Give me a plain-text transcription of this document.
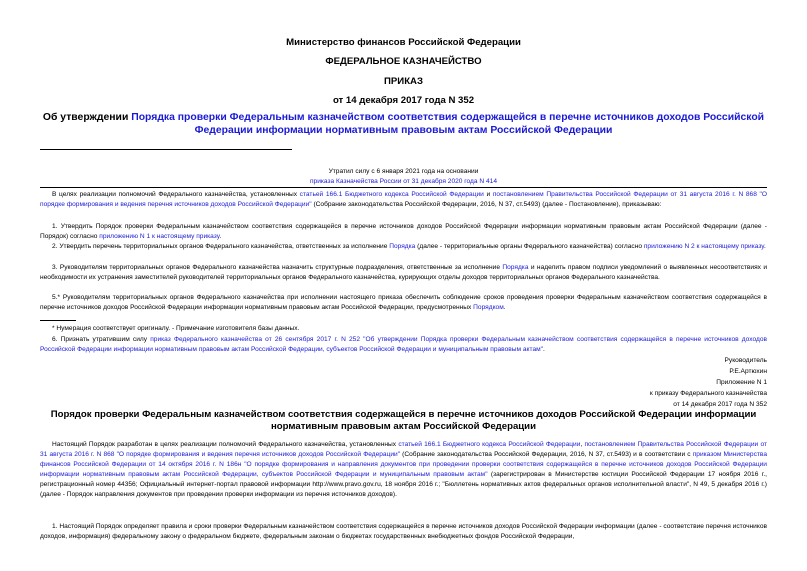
Министерство финансов Российской Федерации
ФЕДЕРАЛЬНОЕ КАЗНАЧЕЙСТВО
ПРИКАЗ
от 14 декабря 2017 года N 352
Об утверждении Порядка проверки Федеральным казначейством соответствия содержащейся в перечне источников доходов Российской Федерации информации нормативным правовым актам Российской Федерации
Утратил силу с 6 января 2021 года на основании
приказа Казначейства России от 31 декабря 2020 года N 414
В целях реализации полномочий Федерального казначейства, установленных статьей 166.1 Бюджетного кодекса Российской Федерации и постановлением Правительства Российской Федерации от 31 августа 2016 г. N 868 "О порядке формирования и ведения перечня источников доходов Российской Федерации" (Собрание законодательства Российской Федерации, 2016, N 37, ст.5493) (далее - Постановление), приказываю:
1. Утвердить Порядок проверки Федеральным казначейством соответствия содержащейся в перечне источников доходов Российской Федерации информации нормативным правовым актам Российской Федерации (далее - Порядок) согласно приложению N 1 к настоящему приказу.
2. Утвердить перечень территориальных органов Федерального казначейства, ответственных за исполнение Порядка (далее - территориальные органы Федерального казначейства) согласно приложению N 2 к настоящему приказу.
3. Руководителям территориальных органов Федерального казначейства назначить структурные подразделения, ответственные за исполнение Порядка и наделить правом подписи уведомлений о выявленных несоответствиях и необходимости их устранения заместителей руководителей территориальных органов Федерального казначейства, курирующих отделы доходов территориальных органов Федерального казначейства.
5.* Руководителям территориальных органов Федерального казначейства при исполнении настоящего приказа обеспечить соблюдение сроков проведения проверки Федеральным казначейством соответствия содержащейся в перечне источников доходов Российской Федерации информации нормативным правовым актам Российской Федерации, предусмотренных Порядком.
* Нумерация соответствует оригиналу. - Примечание изготовителя базы данных.
6. Признать утратившим силу приказ Федерального казначейства от 26 сентября 2017 г. N 252 "Об утверждении Порядка проверки Федеральным казначейством соответствия содержащейся в перечне источников доходов Российской Федерации информации нормативным правовым актам Российской Федерации, субъектов Российской Федерации и муниципальным правовым актам".
Руководитель
Р.Е.Артюхин
Приложение N 1
к приказу Федерального казначейства
от 14 декабря 2017 года N 352
Порядок проверки Федеральным казначейством соответствия содержащейся в перечне источников доходов Российской Федерации информации нормативным правовым актам Российской Федерации
Настоящий Порядок разработан в целях реализации полномочий Федерального казначейства, установленных статьей 166.1 Бюджетного кодекса Российской Федерации, постановлением Правительства Российской Федерации от 31 августа 2016 г. N 868 "О порядке формирования и ведения перечня источников доходов Российской Федерации" (Собрание законодательства Российской Федерации, 2016, N 37, ст.5493) и в соответствии с приказом Министерства финансов Российской Федерации от 14 октября 2016 г. N 186н "О порядке формирования и направления документов при проведении проверки соответствия содержащейся в перечне источников доходов Российской Федерации информации нормативным правовым актам Российской Федерации, субъектов Российской Федерации и муниципальным правовым актам" (зарегистрирован в Министерстве юстиции Российской Федерации 17 ноября 2016 г., регистрационный номер 44356; Официальный интернет-портал правовой информации http://www.pravo.gov.ru, 18 ноября 2016 г.; "Бюллетень нормативных актов федеральных органов исполнительной власти", N 49, 5 декабря 2016 г.) (далее - Порядок направления документов при проведении проверки информации из перечня источников доходов).
1. Настоящий Порядок определяет правила и сроки проверки Федеральным казначейством соответствия содержащейся в перечне источников доходов Российской Федерации информации (далее - соответствие перечня источников доходов, информация) федеральному закону о федеральном бюджете, федеральным законам о бюджетах государственных внебюджетных фондов Российской Федерации,
